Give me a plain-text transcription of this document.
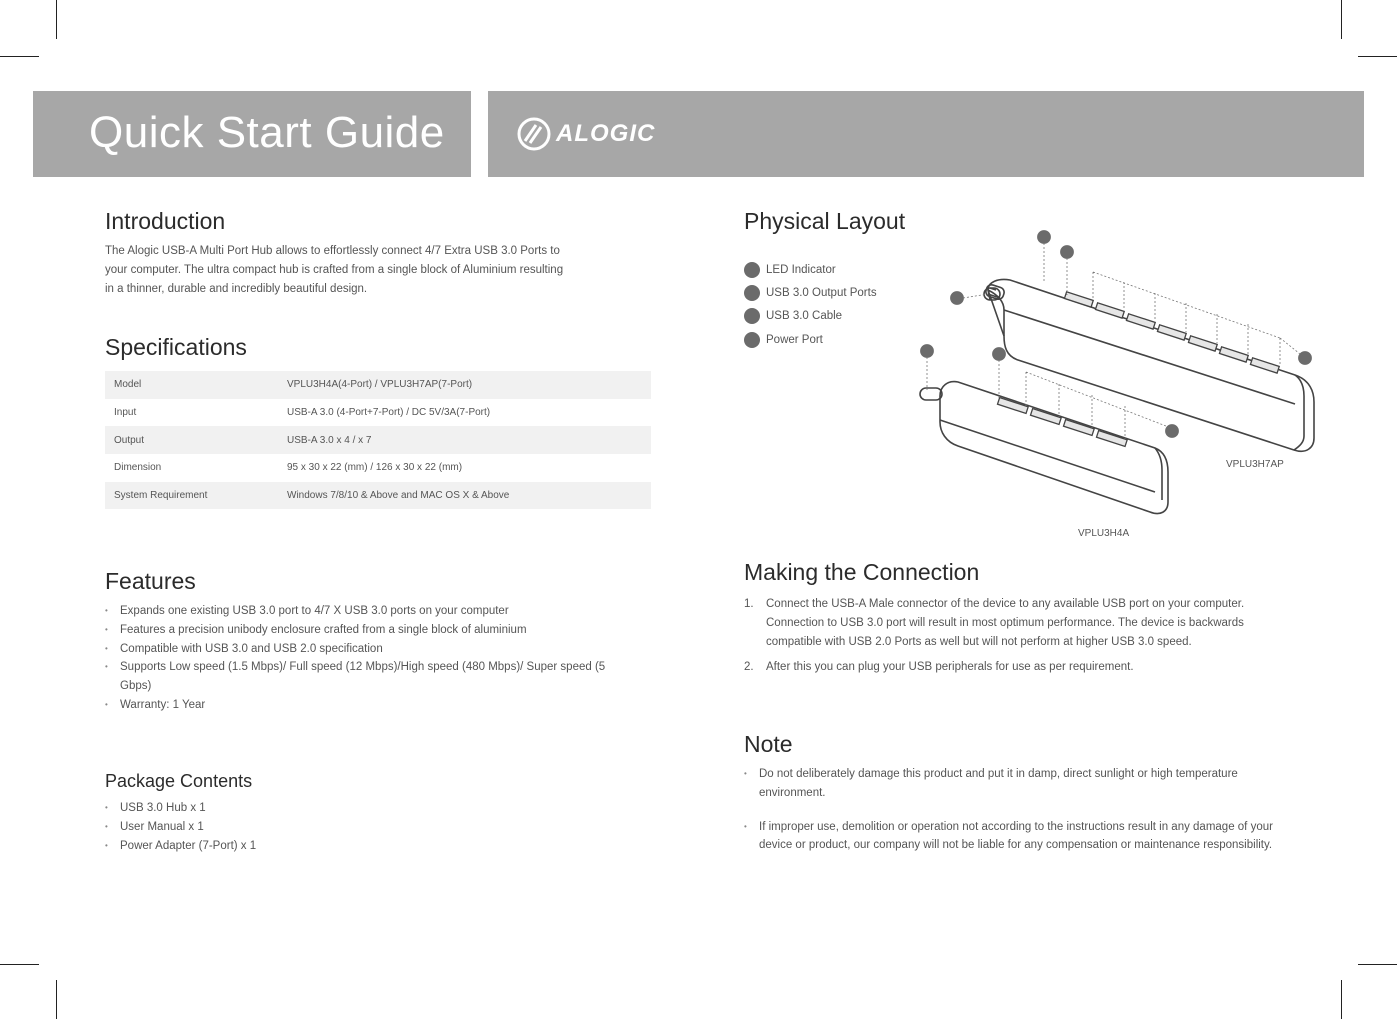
Quick Start Guide	ALOGIC
Introduction

The Alogic USB-A Multi Port Hub allows to effortlessly connect 4/7 Extra USB 3.0 Ports to
your computer. The ultra compact hub is crafted from a single block of Aluminium resulting
in a thinner, durable and incredibly beautiful design.

Specifications
Model	VPLU3H4A(4-Port) / VPLU3H7AP(7-Port)
Input	USB-A 3.0 (4-Port+7-Port) / DC 5V/3A(7-Port)
Output	USB-A 3.0 x 4 / x 7
Dimension	95 x 30 x 22 (mm) / 126 x 30 x 22 (mm)
System Requirement	Windows 7/8/10 & Above and MAC OS X & Above
Features
• Expands one existing USB 3.0 port to 4/7 X USB 3.0 ports on your computer
• Features a precision unibody enclosure crafted from a single block of aluminium
• Compatible with USB 3.0 and USB 2.0 specification
• Supports Low speed (1.5 Mbps)/ Full speed (12 Mbps)/High speed (480 Mbps)/ Super speed (5 Gbps)
• Warranty: 1 Year
Package Contents
• USB 3.0 Hub x 1
• User Manual x 1
• Power Adapter (7-Port) x 1
Physical Layout
LED Indicator
USB 3.0 Output Ports
USB 3.0 Cable
Power Port
VPLU3H7AP
VPLU3H4A
Making the Connection
1. Connect the USB-A Male connector of the device to any available USB port on your computer. Connection to USB 3.0 port will result in most optimum performance. The device is backwards compatible with USB 2.0 Ports as well but will not perform at higher USB 3.0 speed.
2. After this you can plug your USB peripherals for use as per requirement.
Note
• Do not deliberately damage this product and put it in damp, direct sunlight or high temperature environment.
• If improper use, demolition or operation not according to the instructions result in any damage of your device or product, our company will not be liable for any compensation or maintenance responsibility.
